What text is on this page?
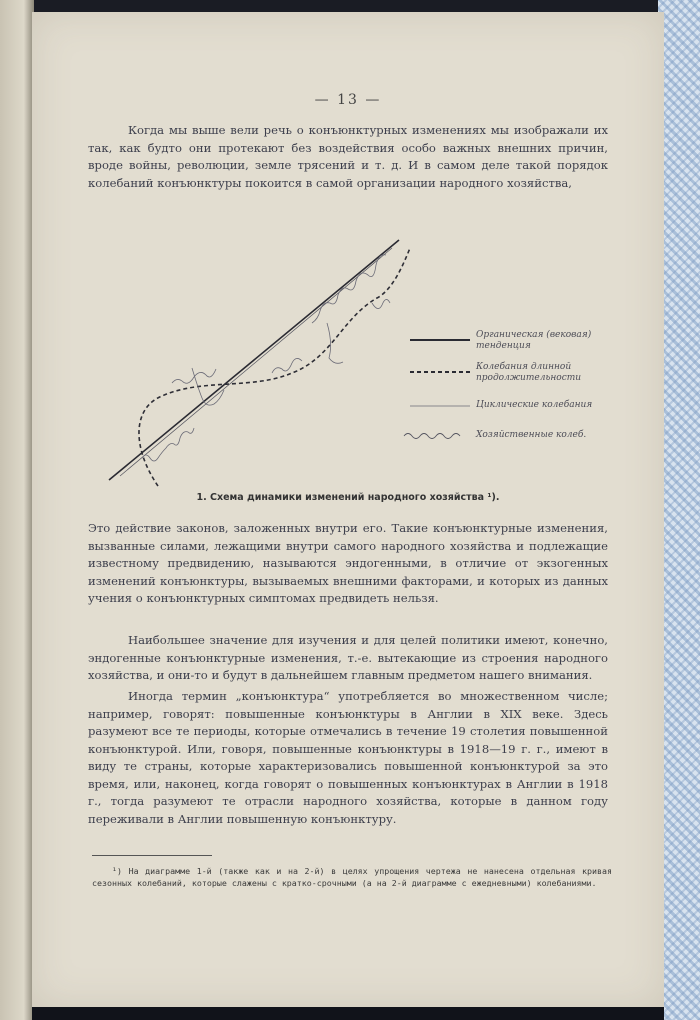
— 13 —

Когда мы выше вели речь о конъюнктурных изменениях мы изображали их так, как будто они протекают без воздействия особо важных внешних причин, вроде войны, революции, земле трясений и т. д. И в самом деле такой порядок колебаний конъюнктуры покоится в самой организации народного хозяйства,

Органическая (вековая) тенденция
Колебания длинной продолжительности
Циклические колебания
Хозяйственные колеб.
1. Схема динамики изменений народного хозяйства ¹).

Это действие законов, заложенных внутри его. Такие конъюнктурные изменения, вызванные силами, лежащими внутри самого народного хозяйства и подлежащие известному предвидению, называются эндогенными, в отличие от экзогенных изменений конъюнктуры, вызываемых внешними факторами, и которых из данных учения о конъюнктурных симптомах предвидеть нельзя.

Наибольшее значение для изучения и для целей политики имеют, конечно, эндогенные конъюнктурные изменения, т.-е. вытекающие из строения народного хозяйства, и они-то и будут в дальнейшем главным предметом нашего внимания.

Иногда термин „конъюнктура“ употребляется во множественном числе; например, говорят: повышенные конъюнктуры в Англии в XIX веке. Здесь разумеют все те периоды, которые отмечались в течение 19 столетия повышенной конъюнктурой. Или, говоря, повышенные конъюнктуры в 1918—19 г. г., имеют в виду те страны, которые характеризовались повышенной конъюнктурой за это время, или, наконец, когда говорят о повышенных конъюнктурах в Англии в 1918 г., тогда разумеют те отрасли народного хозяйства, которые в данном году переживали в Англии повышенную конъюнктуру.

¹) На диаграмме 1-й (также как и на 2-й) в целях упрощения чертежа не нанесена отдельная кривая сезонных колебаний, которые слажены с кратко-срочными (а на 2-й диаграмме с ежедневными) колебаниями.
